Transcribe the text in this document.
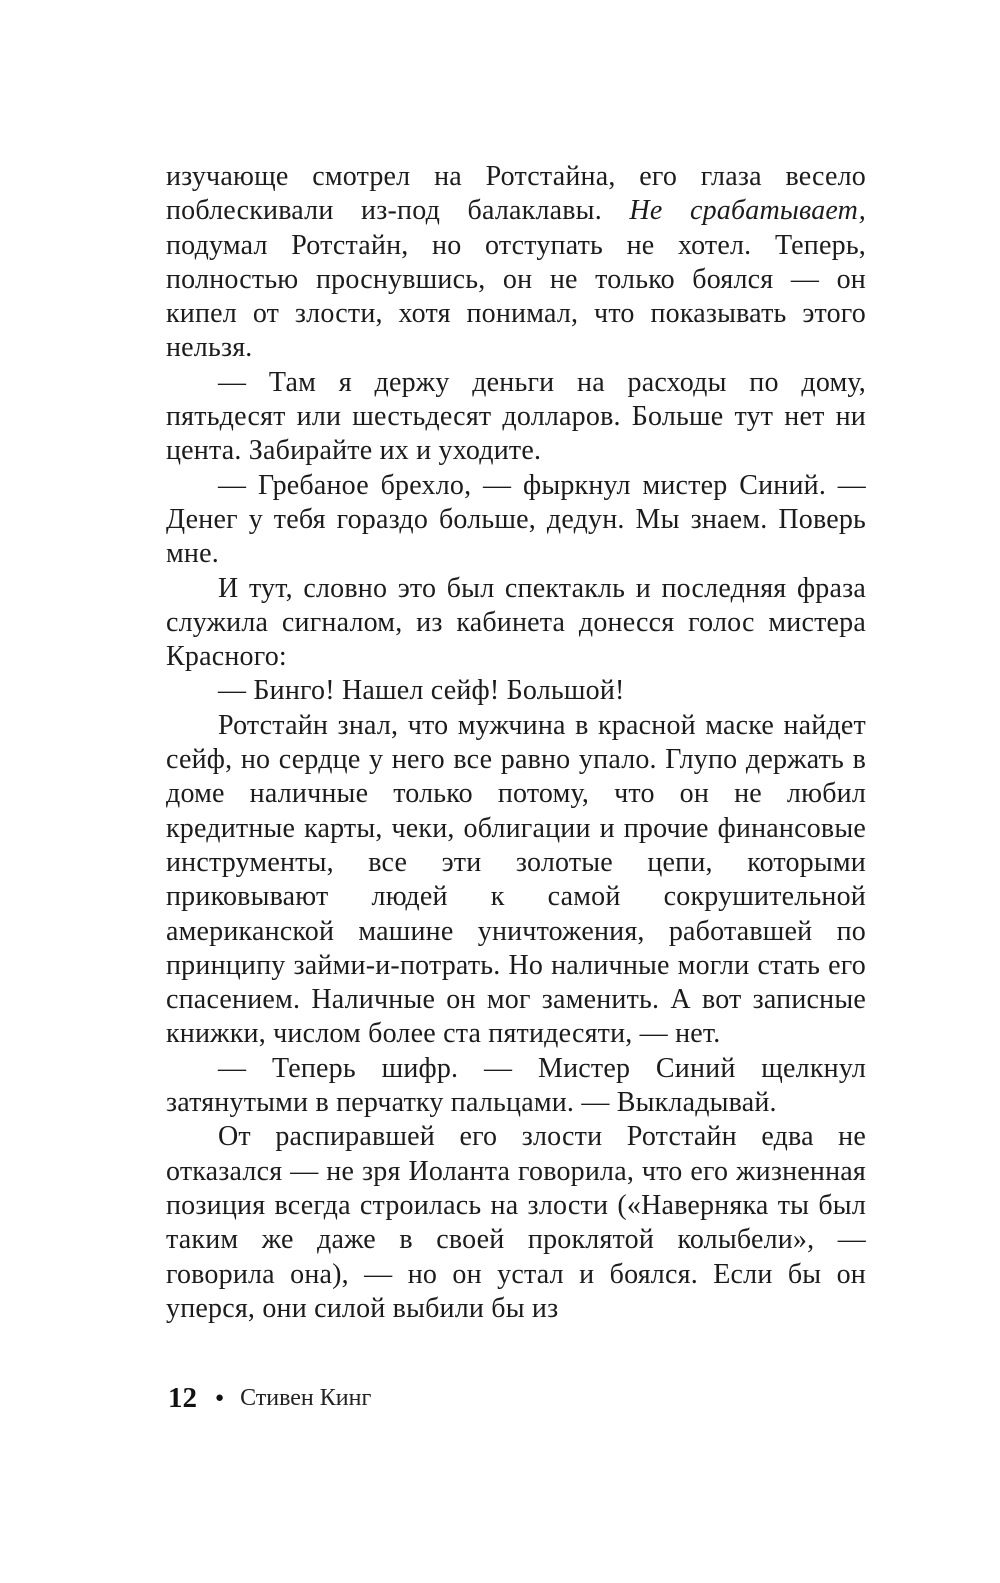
изучающе смотрел на Ротстайна, его глаза весело поблескивали из-под балаклавы. Не срабатывает, подумал Ротстайн, но отступать не хотел. Теперь, полностью проснувшись, он не только боялся — он кипел от злости, хотя понимал, что показывать этого нельзя.

— Там я держу деньги на расходы по дому, пятьдесят или шестьдесят долларов. Больше тут нет ни цента. Забирайте их и уходите.

— Гребаное брехло, — фыркнул мистер Синий. — Денег у тебя гораздо больше, дедун. Мы знаем. Поверь мне.

И тут, словно это был спектакль и последняя фраза служила сигналом, из кабинета донесся голос мистера Красного:

— Бинго! Нашел сейф! Большой!

Ротстайн знал, что мужчина в красной маске найдет сейф, но сердце у него все равно упало. Глупо держать в доме наличные только потому, что он не любил кредитные карты, чеки, облигации и прочие финансовые инструменты, все эти золотые цепи, которыми приковывают людей к самой сокрушительной американской машине уничтожения, работавшей по принципу займи-и-потрать. Но наличные могли стать его спасением. Наличные он мог заменить. А вот записные книжки, числом более ста пятидесяти, — нет.

— Теперь шифр. — Мистер Синий щелкнул затянутыми в перчатку пальцами. — Выкладывай.

От распиравшей его злости Ротстайн едва не отказался — не зря Иоланта говорила, что его жизненная позиция всегда строилась на злости («Наверняка ты был таким же даже в своей проклятой колыбели», — говорила она), — но он устал и боялся. Если бы он уперся, они силой выбили бы из

12 ● Стивен Кинг
